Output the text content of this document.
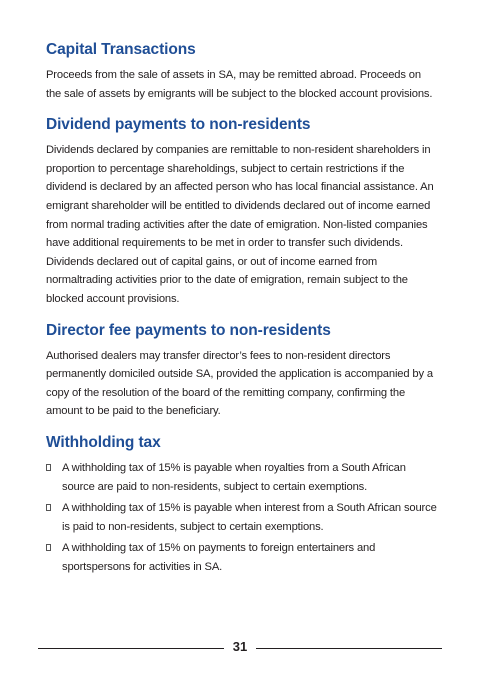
Capital Transactions

Proceeds from the sale of assets in SA, may be remitted abroad. Proceeds on the sale of assets by emigrants will be subject to the blocked account provisions.

Dividend payments to non-residents

Dividends declared by companies are remittable to non-resident shareholders in proportion to percentage shareholdings, subject to certain restrictions if the dividend is declared by an affected person who has local financial assistance. An emigrant shareholder will be entitled to dividends declared out of income earned from normal trading activities after the date of emigration. Non-listed companies have additional requirements to be met in order to transfer such dividends. Dividends declared out of capital gains, or out of income earned from normaltrading activities prior to the date of emigration, remain subject to the blocked account provisions.

Director fee payments to non-residents

Authorised dealers may transfer director’s fees to non-resident directors permanently domiciled outside SA, provided the application is accompanied by a copy of the resolution of the board of the remitting company, confirming the amount to be paid to the beneficiary.

Withholding tax
A withholding tax of 15% is payable when royalties from a South African source are paid to non-residents, subject to certain exemptions.
A withholding tax of 15% is payable when interest from a South African source is paid to non-residents, subject to certain exemptions.
A withholding tax of 15% on payments to foreign entertainers and sportspersons for activities in SA.
31
